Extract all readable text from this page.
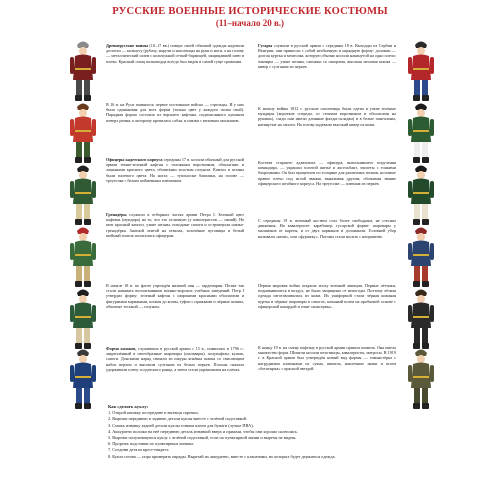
РУССКИЕ ВОЕННЫЕ ИСТОРИЧЕСКИЕ КОСТЮМЫ
(11–начало 20 в.)
Древнерусские воины (10–17 вв.) поверх своей обычной одежды надевали доспехи — кольчугу (рубаху, наручи и наголенцы на руки и ноги, а на голову — металлический шлем с кольчужной сеткой-бармицей, защищавшей шею и плечи. Красный плащ полководца всегда был виден в самой гуще сражения.
В 16 в. на Руси появилось первое постоянное войско — стрельцы. И у них была одинаковая для всех форма (только цвет у каждого полка свой). Парадная форма состояла из верхнего кафтана, подпоясанного кушаком поверх ремня, к которому крепилась сабля, и шапки с меховым околышем.
Офицеры кадетского корпуса середины 17 в. носили обычный для русской армии темно-зеленый кафтан с отложным воротником, обшлагами и лацканами красного цвета, обшитыми золотым галуном. Камзол и штаны были палевого цвета. На ногах — тупоносые башмаки, на голове — треуголка с белым пойменным плюмажем.
Гренадёры служили в отборных частях армии Петра I. Зеленый цвет кафтана (мундира) на то, что это отличную (у кавалеристов — синий). На шеи красный камзол, узкие штаны, походные сапоги и островерхая шапка-гренадёрка. Знатной лентой на отвалах, золочёные пуговицы и белый шейный платок полагались офицерам.
В начале 18 в. по флоте учреждён низший чин — гардемарин. Позже так стали называть воспитанников военно-морских учебных заведений. Петр I утвердил форму: зеленый кафтан с широкими красными обшлагами и фигурными карманами, штаны до колен, туфли с пряжками и чёрные шляпы, обшитые тесьмой — галуном.
Форма казаков, служивших в русской армии с 15 в., появилась в 1796 г.: закреплённый в своеобразные шаровары (шальвары), полукафтан, кушак, сапоги. Донскими наряд связали из шкуры ягнёнка шапка со свисающим набок верхом и высоким султаном из белых перьев. Погоны сначала удерживали плечу солдатского ранца, а затем стали украшением на плечах.
Гусары служили в русской армии с середины 18 в. Выходцы из Сербии и Венгрии, они принесли с собой необычную и нарядную форму: доломан — долгая куртка и ментолка, которую обычно носили накинутой на одно плечо; чакчиры — узкие штаны, сапожки со шпорами, высокая меховая шапка — кивер с султаном из перьев.
К началу войны 1812 г. русские ополченцы были одеты в узкие зелёные мундиры (короткие спереди, со стоячим воротником и обшлагами на рукавах), сзади они имели длинные фалды-складки) и в белые панталоны, натянутые на сапоги. На голову надевали высокий кивер из кожи.
Костюм старшего адъютанта — офицера, выполнявшего поручения командира, — украшал золотой шитьё и аксельбант, эполеты с тонкими бахромками. Он был прицеплен по толщине для различных полков, носимые правое плечо под иглой звания, выказывая другим, обозначая звание офицерского штабного корпуса. На треуголке — плюмаж из перьев.
С середины 19 в. военный костюм стал более свободным, не стеснял движения. На кавалеристе: карабинер, гусарской форме: шаровары у мальчиков от кареты, и от двух карманов и доломаном. Головной убор называли «кепи», или «фуражку». Погоны стали носить с неприятию.
Первая мировая война открыла эпоху военной авиации. Первые лётчики, поднимавшиеся в воздух, не были защищены от непогоды. Поэтому лётная одежда изготавливалась из кожи. Их униформой стали чёрная кожаная куртка и чёрные шаровары в сапогах, кожаный шлем на пробковой основе с офицерской кокардой и очки-«консервы».
К концу 19 в. на смену кафтану в русской армии пришла шинель. Она имела множество форм. Шинели носили пехотинцы, кавалеристы, матросы. В 1919 г. в Красной армии был утверждён новый вид формы — гимнастёрка с нагрудными клапанами из сукна, шинель, наплечные знаки и шлем «богатырка» с красной звездой.
Как сделать куклу:
1. Открой книжку посередине и вытащи скрепки.
2. Вырежи переднюю и заднюю детали куклы вместе с зелёной подставкой.
3. Смажь изнанку задней детали куклы тонким клеем для бумаги (лучше ПВА).
4. Аккуратно положи на неё переднюю деталь изнанкой вверх и прижми, чтобы они хорошо склеились.
5. Вырежи получившуюся куклу с зелёной подставкой, если по пунктирной линии и вырезы не видны.
6. Прорежь подставки по пунктирным линиям.
7. Соедини детали крест-накрест.
8. Кукла готова — пора примерять наряды. Вырезай их аккуратно, вместе с клапанами, но которых будет держаться одежда.
